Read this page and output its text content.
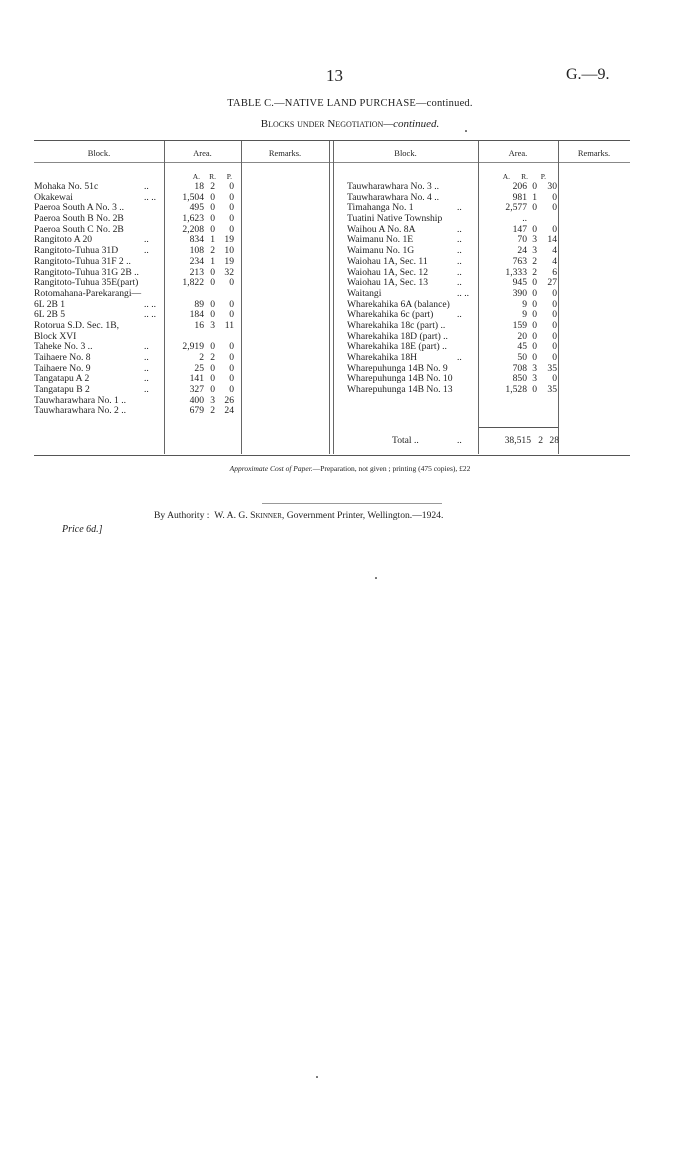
13	G.—9.
TABLE C.—NATIVE LAND PURCHASE—continued.
Blocks under Negotiation—continued.
Block.	Area.	Remarks.	Block.	Area.	Remarks.
A.	R.	P.	A.	R.	P.
Mohaka No. 51c	..	18 2	0
Okakewai	.. ..	1,504 0	0
Paeroa South A No. 3 ..	495 0	0
Paeroa South B No. 2B	1,623 0	0
Paeroa South C No. 2B	2,208 0	0
Rangitoto A 20	..	834 1 19
Rangitoto-Tuhua 31D	..	108 2 10
Rangitoto-Tuhua 31F 2 ..	234 1 19
Rangitoto-Tuhua 31G 2B ..	213 0 32
Rangitoto-Tuhua 35E(part)	1,822 0	0
Rotomahana-Parekarangi—
6L 2B 1	.. ..	89 0	0
6L 2B 5	.. ..	184 0	0
Rotorua S.D. Sec. 1B,	16 3	11
Block XVI
Taheke No. 3 ..	..	2,919 0	0
Taihaere No. 8	..	2 2	0
Taihaere No. 9	..	25 0	0
Tangatapu A 2	..	141 0	0
Tangatapu B 2	..	327 0	0
Tauwharawhara No. 1 ..	400 3 26
Tauwharawhara No. 2 ..	679 2 24
Tauwharawhara No. 3 ..	206 0	30
Tauwharawhara No. 4 ..	981 1	0
Timahanga No. 1	..	2,577 0	0
Tuatini Native Township	..
Waihou A No. 8A	..	147 0	0
Waimanu No. 1E	..	70 3	14
Waimanu No. 1G	..	24 3	4
Waiohau 1A, Sec. 11	..	763 2	4
Waiohau 1A, Sec. 12	..	1,333 2	6
Waiohau 1A, Sec. 13	..	945 0	27
Waitangi	.. ..	390 0	0
Wharekahika 6A (balance)	9 0	0
Wharekahika 6c (part) ..	9 0	0
Wharekahika 18c (part) ..	159 0	0
Wharekahika 18D (part) ..	20 0	0
Wharekahika 18E (part) ..	45 0	0
Wharekahika 18H	..	50 0	0
Wharepuhunga 14B No. 9	708 3	35
Wharepuhunga 14B No. 10	850 3	0
Wharepuhunga 14B No. 13	1,528 0	35
Total ..	..	38,515 2 28
Approximate Cost of Paper.—Preparation, not given ; printing (475 copies), £22
By Authority : W. A. G. Skinner, Government Printer, Wellington.—1924.
Price 6d.]
